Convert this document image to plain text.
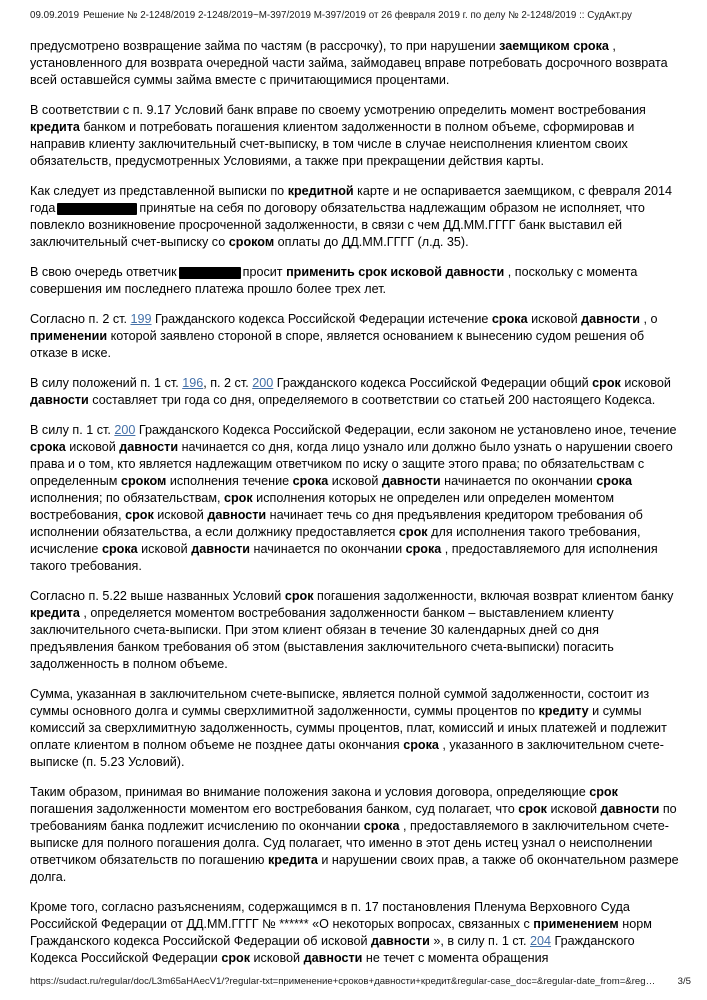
09.09.2019 Решение № 2-1248/2019 2-1248/2019~М-397/2019 М-397/2019 от 26 февраля 2019 г. по делу № 2-1248/2019 :: СудАкт.ру

предусмотрено возвращение займа по частям (в рассрочку), то при нарушении заемщиком срока , установленного для возврата очередной части займа, займодавец вправе потребовать досрочного возврата всей оставшейся суммы займа вместе с причитающимися процентами.

В соответствии с п. 9.17 Условий банк вправе по своему усмотрению определить момент востребования кредита банком и потребовать погашения клиентом задолженности в полном объеме, сформировав и направив клиенту заключительный счет-выписку, в том числе в случае неисполнения клиентом своих обязательств, предусмотренных Условиями, а также при прекращении действия карты.

Как следует из представленной выписки по кредитной карте и не оспаривается заемщиком, с февраля 2014 года	принятые на себя по договору обязательства надлежащим образом не исполняет, что повлекло возникновение просроченной задолженности, в связи с чем ДД.ММ.ГГГГ банк выставил ей заключительный счет-выписку со сроком оплаты до ДД.ММ.ГГГГ (л.д. 35).

В свою очередь ответчик	просит применить срок исковой давности , поскольку с момента совершения им последнего платежа прошло более трех лет.

Согласно п. 2 ст. 199 Гражданского кодекса Российской Федерации истечение срока исковой давности , о применении которой заявлено стороной в споре, является основанием к вынесению судом решения об отказе в иске.

В силу положений п. 1 ст. 196, п. 2 ст. 200 Гражданского кодекса Российской Федерации общий срок исковой давности составляет три года со дня, определяемого в соответствии со статьей 200 настоящего Кодекса.

В силу п. 1 ст. 200 Гражданского Кодекса Российской Федерации, если законом не установлено иное, течение срока исковой давности начинается со дня, когда лицо узнало или должно было узнать о нарушении своего права и о том, кто является надлежащим ответчиком по иску о защите этого права; по обязательствам с определенным сроком исполнения течение срока исковой давности начинается по окончании срока исполнения; по обязательствам, срок исполнения которых не определен или определен моментом востребования, срок исковой давности начинает течь со дня предъявления кредитором требования об исполнении обязательства, а если должнику предоставляется срок для исполнения такого требования, исчисление срока исковой давности начинается по окончании срока , предоставляемого для исполнения такого требования.

Согласно п. 5.22 выше названных Условий срок погашения задолженности, включая возврат клиентом банку кредита , определяется моментом востребования задолженности банком – выставлением клиенту заключительного счета-выписки. При этом клиент обязан в течение 30 календарных дней со дня предъявления банком требования об этом (выставления заключительного счета-выписки) погасить задолженность в полном объеме.

Сумма, указанная в заключительном счете-выписке, является полной суммой задолженности, состоит из суммы основного долга и суммы сверхлимитной задолженности, суммы процентов по кредиту и суммы комиссий за сверхлимитную задолженность, суммы процентов, плат, комиссий и иных платежей и подлежит оплате клиентом в полном объеме не позднее даты окончания срока , указанного в заключительном счете-выписке (п. 5.23 Условий).

Таким образом, принимая во внимание положения закона и условия договора, определяющие срок погашения задолженности моментом его востребования банком, суд полагает, что срок исковой давности по требованиям банка подлежит исчислению по окончании срока , предоставляемого в заключительном счете-выписке для полного погашения долга. Суд полагает, что именно в этот день истец узнал о неисполнении ответчиком обязательств по погашению кредита и нарушении своих прав, а также об окончательном размере долга.

Кроме того, согласно разъяснениям, содержащимся в п. 17 постановления Пленума Верховного Суда Российской Федерации от ДД.ММ.ГГГГ № ****** «О некоторых вопросах, связанных с применением норм Гражданского кодекса Российской Федерации об исковой давности », в силу п. 1 ст. 204 Гражданского Кодекса Российской Федерации срок исковой давности не течет с момента обращения

https://sudact.ru/regular/doc/L3m65aHAecV1/?regular-txt=применение+сроков+давности+кредит&regular-case_doc=&regular-date_from=&reg… 3/5
